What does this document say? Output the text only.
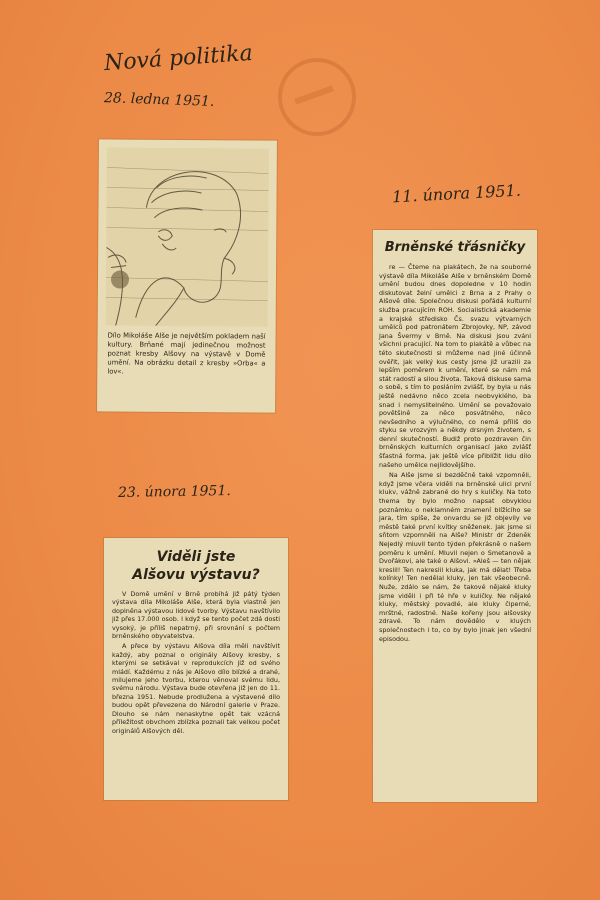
Nová politika
28. ledna 1951.
11. února 1951.
23. února 1951.
Dílo Mikoláše Alše je největším pokladem naší kultury. Brňané mají jedinečnou možnost poznat kresby Alšovy na výstavě v Domě umění. Na obrázku detail z kresby »Orba« a lov«.
Brněnské třásničky

re — Čteme na plakátech, že na souborné výstavě díla Mikoláše Alše v brněnském Domě umění budou dnes dopoledne v 10 hodin diskutovat želní umělci z Brna a z Prahy o Alšově díle. Společnou diskusi pořádá kulturní služba pracujícím ROH. Socialistická akademie a krajské středisko Čs. svazu výtvarných umělců pod patronátem Zbrojovky, NP, závod Jana Švermy v Brně. Na diskusi jsou zváni všichni pracující. Na tom to plakátě a vůbec na této skutečnosti si můžeme nad jiné účinně ověřit, jak velký kus cesty jsme již urazili za lepším poměrem k umění, které se nám má stát radostí a silou života. Taková diskuse sama o sobě, s tím to posláním zvlášť, by byla u nás ještě nedávno něco zcela neobvyklého, ba snad i nemyslitelného. Umění se považovalo povětšině za něco posvátného, něco nevšedního a výlučného, co nemá příliš do styku se vrozvým a někdy drsným životem, s denní skutečností. Budiž proto pozdraven čin brněnských kulturních organisací jako zvlášť šťastná forma, jak ještě více přiblížit lidu dílo našeho umělce nejlidovějšího.

Na Alše jsme si bezděčně také vzpomněli, když jsme včera viděli na brněnské ulici první klukv, vážně zabrané do hry s kuličky. Na toto thema by bylo možno napsat obvyklou poznámku o neklamném znamení blížícího se jara, tím spíše, že onvardu se již objevily ve městě také první kvítky sněženek. Jak jsme si sňtom vzpomněli na Alše? Ministr dr Zdeněk Nejedlý mluvil tento týden překrásně o našem poměru k umění. Mluvil nejen o Smetanově a Dvořákovi, ale také o Alšovi. »Aleš — ten nějak kreslil! Ten nakreslil kluka, jak má dělat! Třeba kolínky! Ten nedělal kluky, jen tak všeobecně. Nuže, zdálo se nám, že takové nějaké kluky jsme viděli i při té hře v kuličky. Ne nějaké kluky, městský povadlé, ale kluky čiperné, mrštné, radostné. Naše kořeny jsou alšovsky zdravé. To nám dovědělo v kluých společnostech i to, co by bylo jinak jen všední episodou.

Viděli jste
Alšovu výstavu?

V Domě umění v Brně probíhá již pátý týden výstava díla Mikoláše Alše, která byla vlastně jen doplněna výstavou lidové tvorby. Výstavu navštívilo již přes 17.000 osob. I když se tento počet zdá dosti vysoký, je příliš nepatrný, při srovnání s počtem brněnského obyvatelstva.

A přece by výstavu Alšova díla měli navštívit každý, aby poznal o originály Alšovy kresby, s kterými se setkával v reprodukcích již od svého mládí. Každému z nás je Alšovo dílo blízké a drahé, milujeme jeho tvorbu, kterou věnoval svému lidu, svému národu. Výstava bude otevřena již jen do 11. března 1951. Nebude prodlužena a výstavené dílo budou opět převezena do Národní galerie v Praze. Dlouho se nám nenaskytne opět tak vzácná příležitost obvchom zblízka poznali tak velkou počet originálů Alšových děl.
